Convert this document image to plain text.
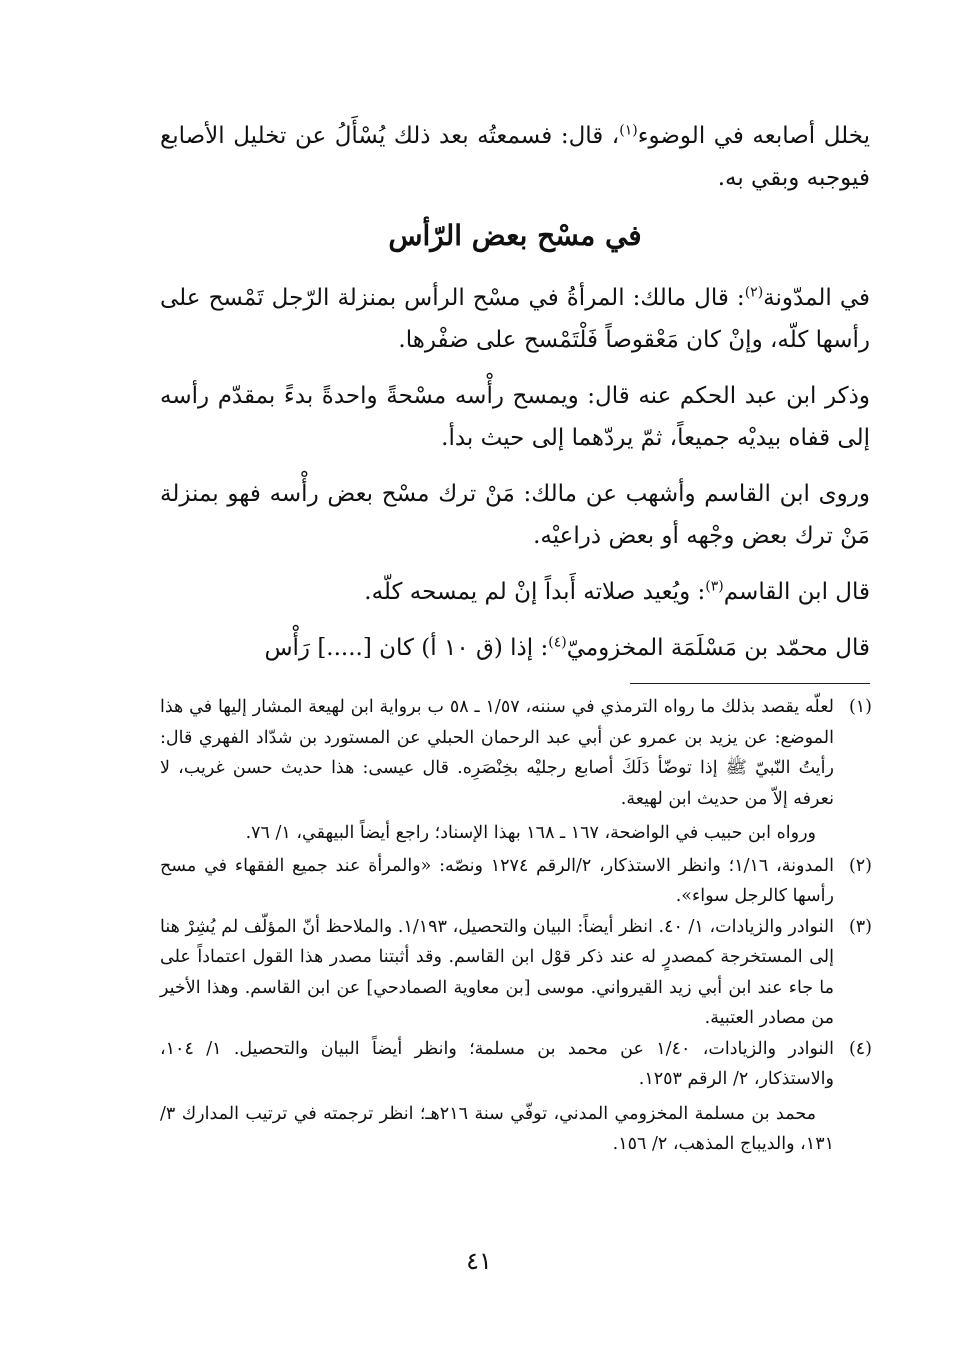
يخلل أصابعه في الوضوء$^{(١)}$، قال: فسمعتُه بعد ذلك يُسْأَلُ عن تخليل الأصابع فيوجبه وبقي به.

في مسْح بعض الرّأس

في المدّونة$^{(٢)}$: قال مالك: المرأةُ في مسْح الرأس بمنزلة الرّجل تَمْسح على رأسها كلّه، وإنْ كان مَعْقوصاً فَلْتَمْسح على ضفْرها.

وذكر ابن عبد الحكم عنه قال: ويمسح رأْسه مسْحةً واحدةً بدءً بمقدّم رأسه إلى قفاه بيديْه جميعاً، ثمّ يردّهما إلى حيث بدأ.

وروى ابن القاسم وأشهب عن مالك: مَنْ ترك مسْح بعض رأْسه فهو بمنزلة مَنْ ترك بعض وجْهه أو بعض ذراعيْه.

قال ابن القاسم$^{(٣)}$: ويُعيد صلاته أَبداً إنْ لم يمسحه كلّه.

قال محمّد بن مَسْلَمَة المخزوميّ$^{(٤)}$: إذا (ق ١٠ أ) كان [.....] رَأْس

(١)
لعلّه يقصد بذلك ما رواه الترمذي في سننه، ١/٥٧ ـ ٥٨ ب برواية ابن لهيعة المشار إليها في هذا الموضع: عن يزيد بن عمرو عن أبي عبد الرحمان الحبلي عن المستورد بن شدّاد الفهري قال: رأيتُ النّبيّ ﷺ إذا توضّأ دَلَكَ أصابع رجليْه بخِنْصَرِه. قال عيسى: هذا حديث حسن غريب، لا نعرفه إلاّ من حديث ابن لهيعة.

ورواه ابن حبيب في الواضحة، ١٦٧ ـ ١٦٨ بهذا الإسناد؛ راجع أيضاً البيهقي، ١/ ٧٦.

(٢)
المدونة، ١/١٦؛ وانظر الاستذكار، ٢/الرقم ١٢٧٤ ونصّه: «والمرأة عند جميع الفقهاء في مسح رأسها كالرجل سواء».
(٣)
النوادر والزيادات، ١/ ٤٠. انظر أيضاً: البيان والتحصيل، ١/١٩٣. والملاحظ أنّ المؤلّف لم يُشِرْ هنا إلى المستخرجة كمصدرٍ له عند ذكر قوْل ابن القاسم. وقد أثبتنا مصدر هذا القول اعتماداً على ما جاء عند ابن أبي زيد القيرواني. موسى [بن معاوية الصمادحي] عن ابن القاسم. وهذا الأخير من مصادر العتبية.
(٤)
النوادر والزيادات، ١/٤٠ عن محمد بن مسلمة؛ وانظر أيضاً البيان والتحصيل. ١/ ١٠٤، والاستذكار، ٢/ الرقم ١٢٥٣.

محمد بن مسلمة المخزومي المدني، توفّي سنة ٢١٦هـ؛ انظر ترجمته في ترتيب المدارك ٣/ ١٣١، والديباج المذهب، ٢/ ١٥٦.

٤١
